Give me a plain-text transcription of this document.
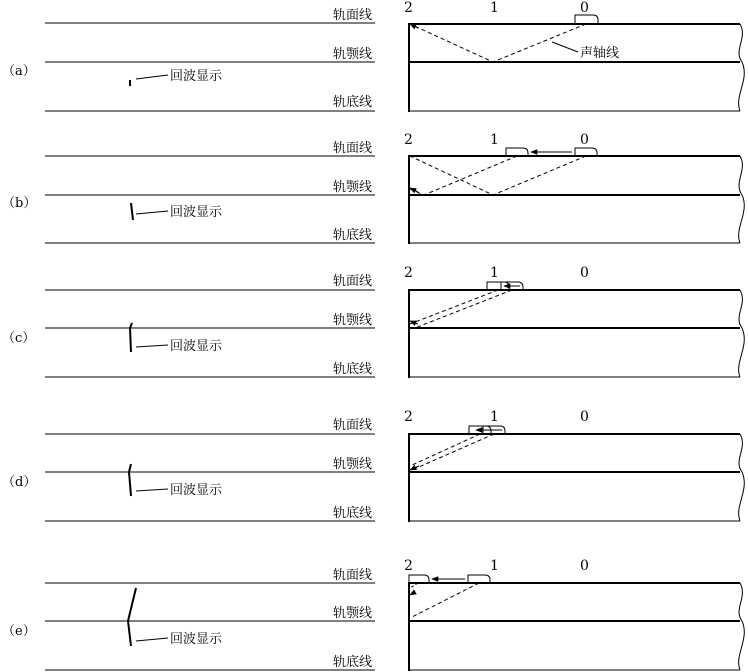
（a）
轨面线
轨颚线
轨底线
回波显示
2	1	0
声轴线
（b）
轨面线
轨颚线
轨底线
回波显示
2	1	0
（c）
轨面线
轨颚线
轨底线
回波显示
2	1	0
（d）
轨面线
轨颚线
轨底线
回波显示
2	1	0
（e）
轨面线
轨颚线
轨底线
回波显示
2	1	0
